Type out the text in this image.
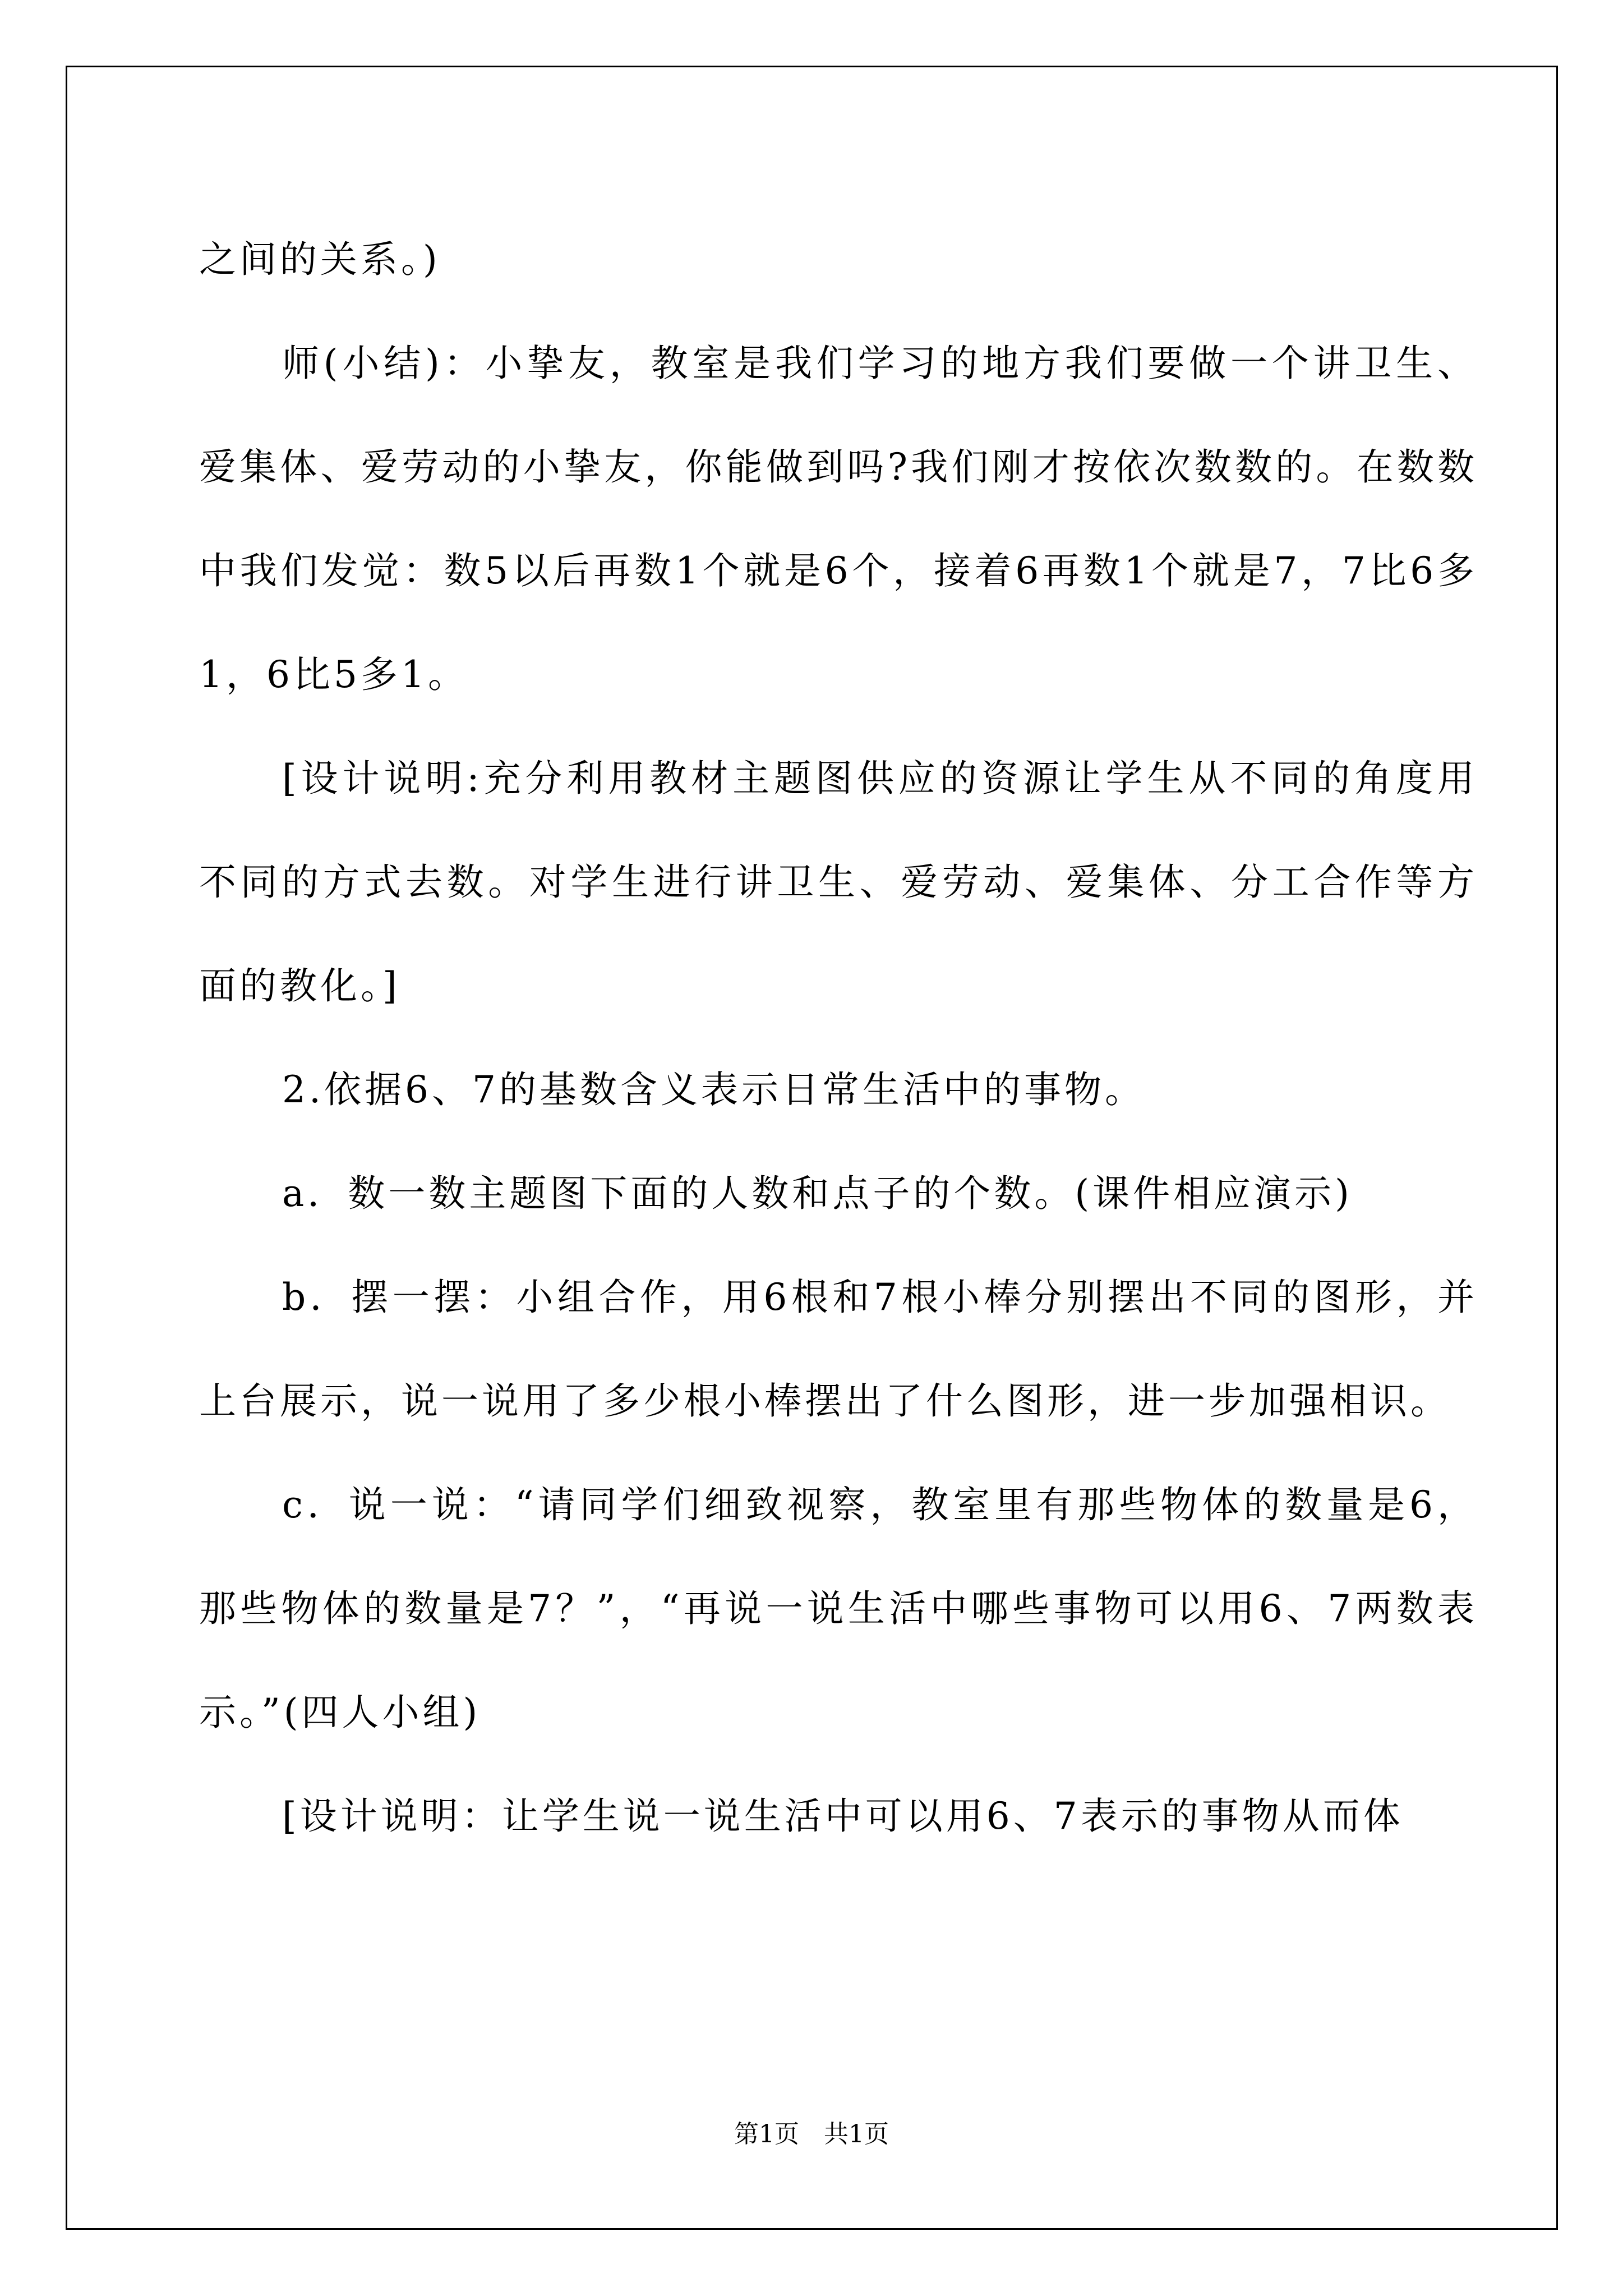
之间的关系。)

师(小结)：小挚友，教室是我们学习的地方我们要做一个讲卫生、爱集体、爱劳动的小挚友，你能做到吗?我们刚才按依次数数的。在数数中我们发觉：数5以后再数1个就是6个，接着6再数1个就是7，7比6多1，6比5多1。

[设计说明:充分利用教材主题图供应的资源让学生从不同的角度用不同的方式去数。对学生进行讲卫生、爱劳动、爱集体、分工合作等方面的教化。]

2.依据6、7的基数含义表示日常生活中的事物。

a．数一数主题图下面的人数和点子的个数。(课件相应演示)

b．摆一摆：小组合作，用6根和7根小棒分别摆出不同的图形，并上台展示，说一说用了多少根小棒摆出了什么图形，进一步加强相识。

c．说一说：“请同学们细致视察，教室里有那些物体的数量是6，那些物体的数量是7？”，“再说一说生活中哪些事物可以用6、7两数表示。”(四人小组)

[设计说明：让学生说一说生活中可以用6、7表示的事物从而体

第1页　共1页
